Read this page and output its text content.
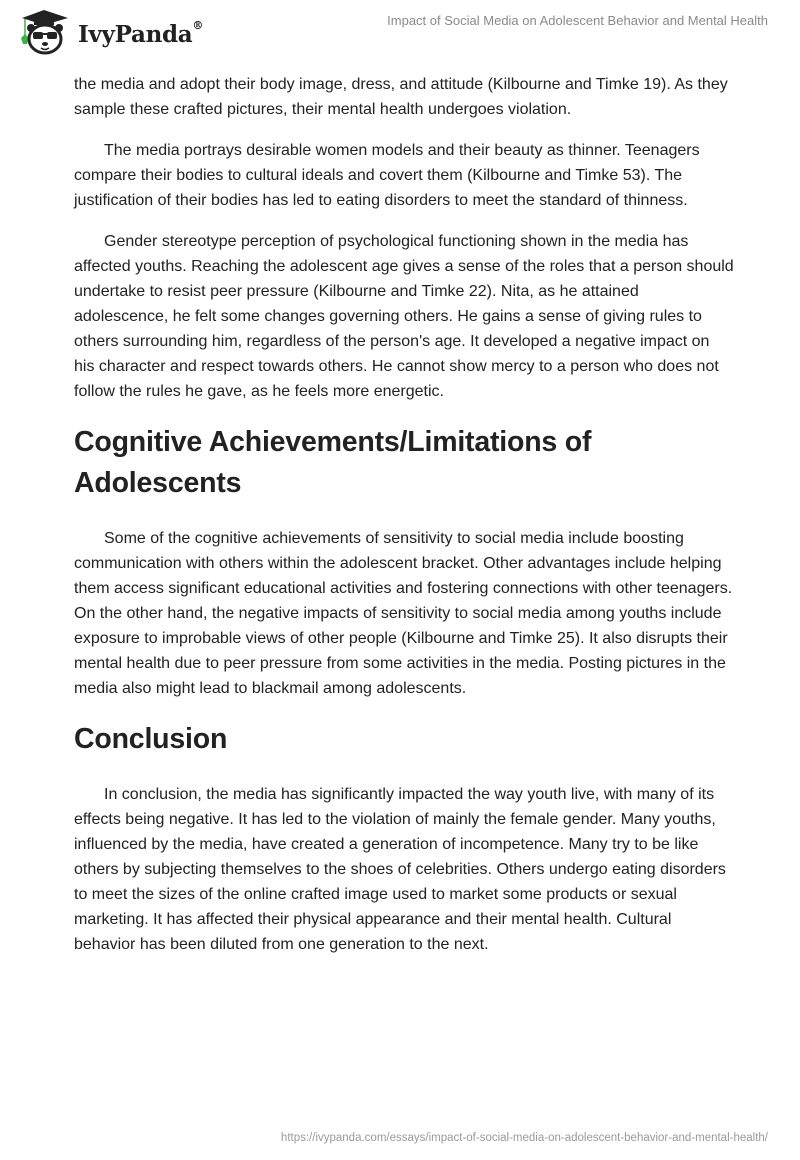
IvyPanda®	Impact of Social Media on Adolescent Behavior and Mental Health

the media and adopt their body image, dress, and attitude (Kilbourne and Timke 19). As they sample these crafted pictures, their mental health undergoes violation.

The media portrays desirable women models and their beauty as thinner. Teenagers compare their bodies to cultural ideals and covert them (Kilbourne and Timke 53). The justification of their bodies has led to eating disorders to meet the standard of thinness.

Gender stereotype perception of psychological functioning shown in the media has affected youths. Reaching the adolescent age gives a sense of the roles that a person should undertake to resist peer pressure (Kilbourne and Timke 22). Nita, as he attained adolescence, he felt some changes governing others. He gains a sense of giving rules to others surrounding him, regardless of the person's age. It developed a negative impact on his character and respect towards others. He cannot show mercy to a person who does not follow the rules he gave, as he feels more energetic.

Cognitive Achievements/Limitations of Adolescents

Some of the cognitive achievements of sensitivity to social media include boosting communication with others within the adolescent bracket. Other advantages include helping them access significant educational activities and fostering connections with other teenagers. On the other hand, the negative impacts of sensitivity to social media among youths include exposure to improbable views of other people (Kilbourne and Timke 25). It also disrupts their mental health due to peer pressure from some activities in the media. Posting pictures in the media also might lead to blackmail among adolescents.

Conclusion

In conclusion, the media has significantly impacted the way youth live, with many of its effects being negative. It has led to the violation of mainly the female gender. Many youths, influenced by the media, have created a generation of incompetence. Many try to be like others by subjecting themselves to the shoes of celebrities. Others undergo eating disorders to meet the sizes of the online crafted image used to market some products or sexual marketing. It has affected their physical appearance and their mental health. Cultural behavior has been diluted from one generation to the next.

https://ivypanda.com/essays/impact-of-social-media-on-adolescent-behavior-and-mental-health/
